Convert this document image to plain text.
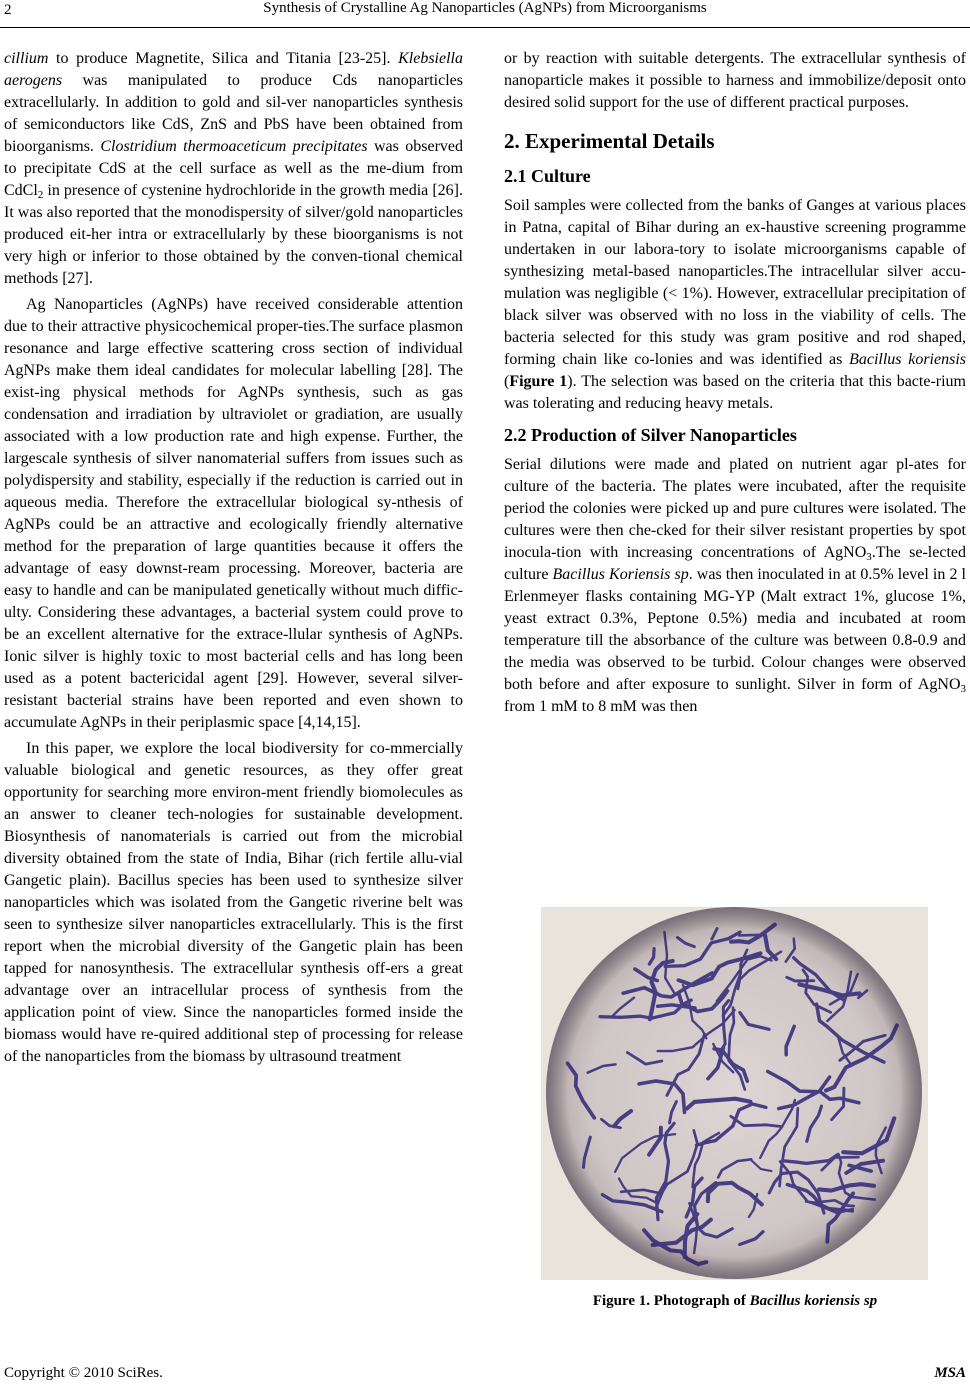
2	Synthesis of Crystalline Ag Nanoparticles (AgNPs) from Microorganisms

cillium to produce Magnetite, Silica and Titania [23-25]. Klebsiella aerogens was manipulated to produce Cds nanoparticles extracellularly. In addition to gold and sil-ver nanoparticles synthesis of semiconductors like CdS, ZnS and PbS have been obtained from bioorganisms. Clostridium thermoaceticum precipitates was observed to precipitate CdS at the cell surface as well as the me-dium from CdCl$_2$ in presence of cystenine hydrochloride in the growth media [26]. It was also reported that the monodispersity of silver/gold nanoparticles produced eit-her intra or extracellularly by these bioorganisms is not very high or inferior to those obtained by the conven-tional chemical methods [27].

Ag Nanoparticles (AgNPs) have received considerable attention due to their attractive physicochemical proper-ties.The surface plasmon resonance and large effective scattering cross section of individual AgNPs make them ideal candidates for molecular labelling [28]. The exist-ing physical methods for AgNPs synthesis, such as gas condensation and irradiation by ultraviolet or gradiation, are usually associated with a low production rate and high expense. Further, the largescale synthesis of silver nanomaterial suffers from issues such as polydispersity and stability, especially if the reduction is carried out in aqueous media. Therefore the extracellular biological sy-nthesis of AgNPs could be an attractive and ecologically friendly alternative method for the preparation of large quantities because it offers the advantage of easy downst-ream processing. Moreover, bacteria are easy to handle and can be manipulated genetically without much diffic-ulty. Considering these advantages, a bacterial system could prove to be an excellent alternative for the extrace-llular synthesis of AgNPs. Ionic silver is highly toxic to most bacterial cells and has long been used as a potent bactericidal agent [29]. However, several silver-resistant bacterial strains have been reported and even shown to accumulate AgNPs in their periplasmic space [4,14,15].

In this paper, we explore the local biodiversity for co-mmercially valuable biological and genetic resources, as they offer great opportunity for searching more environ-ment friendly biomolecules as an answer to cleaner tech-nologies for sustainable development. Biosynthesis of nanomaterials is carried out from the microbial diversity obtained from the state of India, Bihar (rich fertile allu-vial Gangetic plain). Bacillus species has been used to synthesize silver nanoparticles which was isolated from the Gangetic riverine belt was seen to synthesize silver nanoparticles extracellularly. This is the first report when the microbial diversity of the Gangetic plain has been tapped for nanosynthesis. The extracellular synthesis off-ers a great advantage over an intracellular process of synthesis from the application point of view. Since the nanoparticles formed inside the biomass would have re-quired additional step of processing for release of the nanoparticles from the biomass by ultrasound treatment

or by reaction with suitable detergents. The extracellular synthesis of nanoparticle makes it possible to harness and immobilize/deposit onto desired solid support for the use of different practical purposes.

2. Experimental Details
2.1 Culture

Soil samples were collected from the banks of Ganges at various places in Patna, capital of Bihar during an ex-haustive screening programme undertaken in our labora-tory to isolate microorganisms capable of synthesizing metal-based nanoparticles.The intracellular silver accu-mulation was negligible (< 1%). However, extracellular precipitation of black silver was observed with no loss in the viability of cells. The bacteria selected for this study was gram positive and rod shaped, forming chain like co-lonies and was identified as Bacillus koriensis (Figure 1). The selection was based on the criteria that this bacte-rium was tolerating and reducing heavy metals.

2.2 Production of Silver Nanoparticles

Serial dilutions were made and plated on nutrient agar pl-ates for culture of the bacteria. The plates were incubated, after the requisite period the colonies were picked up and pure cultures were isolated. The cultures were then che-cked for their silver resistant properties by spot inocula-tion with increasing concentrations of AgNO$_3$.The se-lected culture Bacillus Koriensis sp. was then inoculated in at 0.5% level in 2 l Erlenmeyer flasks containing MG-YP (Malt extract 1%, glucose 1%, yeast extract 0.3%, Peptone 0.5%) media and incubated at room temperature till the absorbance of the culture was between 0.8-0.9 and the media was observed to be turbid. Colour changes were observed both before and after exposure to sunlight. Silver in form of AgNO$_3$ from 1 mM to 8 mM was then

Figure 1. Photograph of Bacillus koriensis sp
Copyright © 2010 SciRes.	MSA
